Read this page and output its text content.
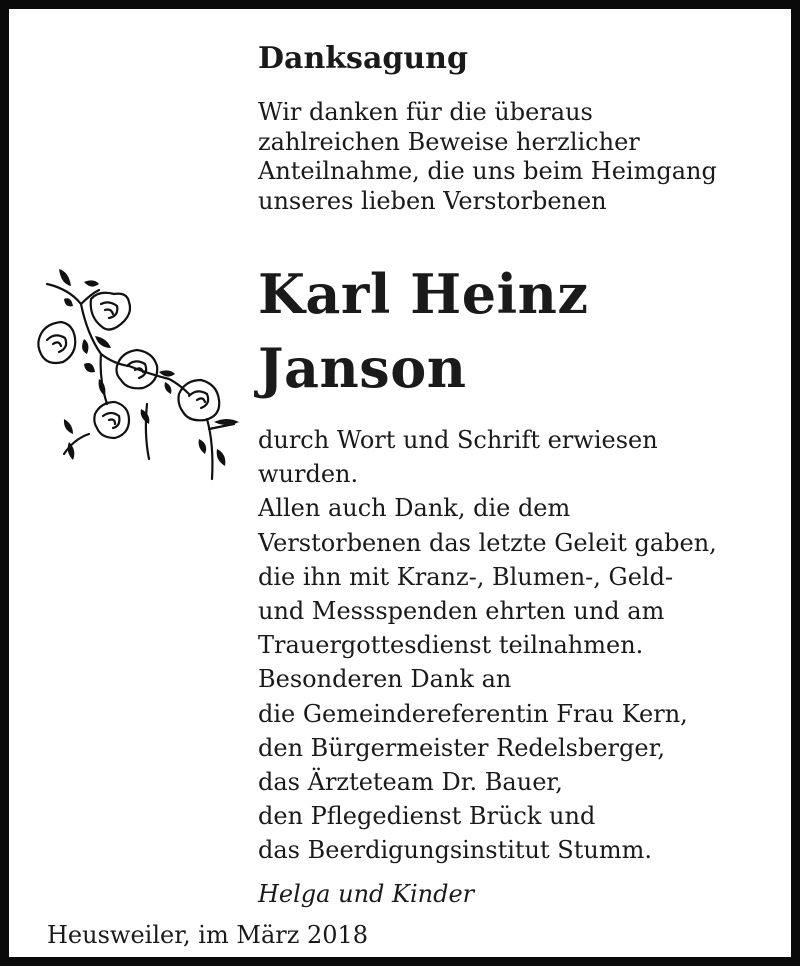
Danksagung
Wir danken für die überaus
zahlreichen Beweise herzlicher
Anteilnahme, die uns beim Heimgang
unseres lieben Verstorbenen
Karl Heinz
Janson
durch Wort und Schrift erwiesen
wurden.
Allen auch Dank, die dem
Verstorbenen das letzte Geleit gaben,
die ihn mit Kranz-, Blumen-, Geld-
und Messspenden ehrten und am
Trauergottesdienst teilnahmen.
Besonderen Dank an
die Gemeindereferentin Frau Kern,
den Bürgermeister Redelsberger,
das Ärzteteam Dr. Bauer,
den Pflegedienst Brück und
das Beerdigungsinstitut Stumm.
Helga und Kinder
Heusweiler, im März 2018
